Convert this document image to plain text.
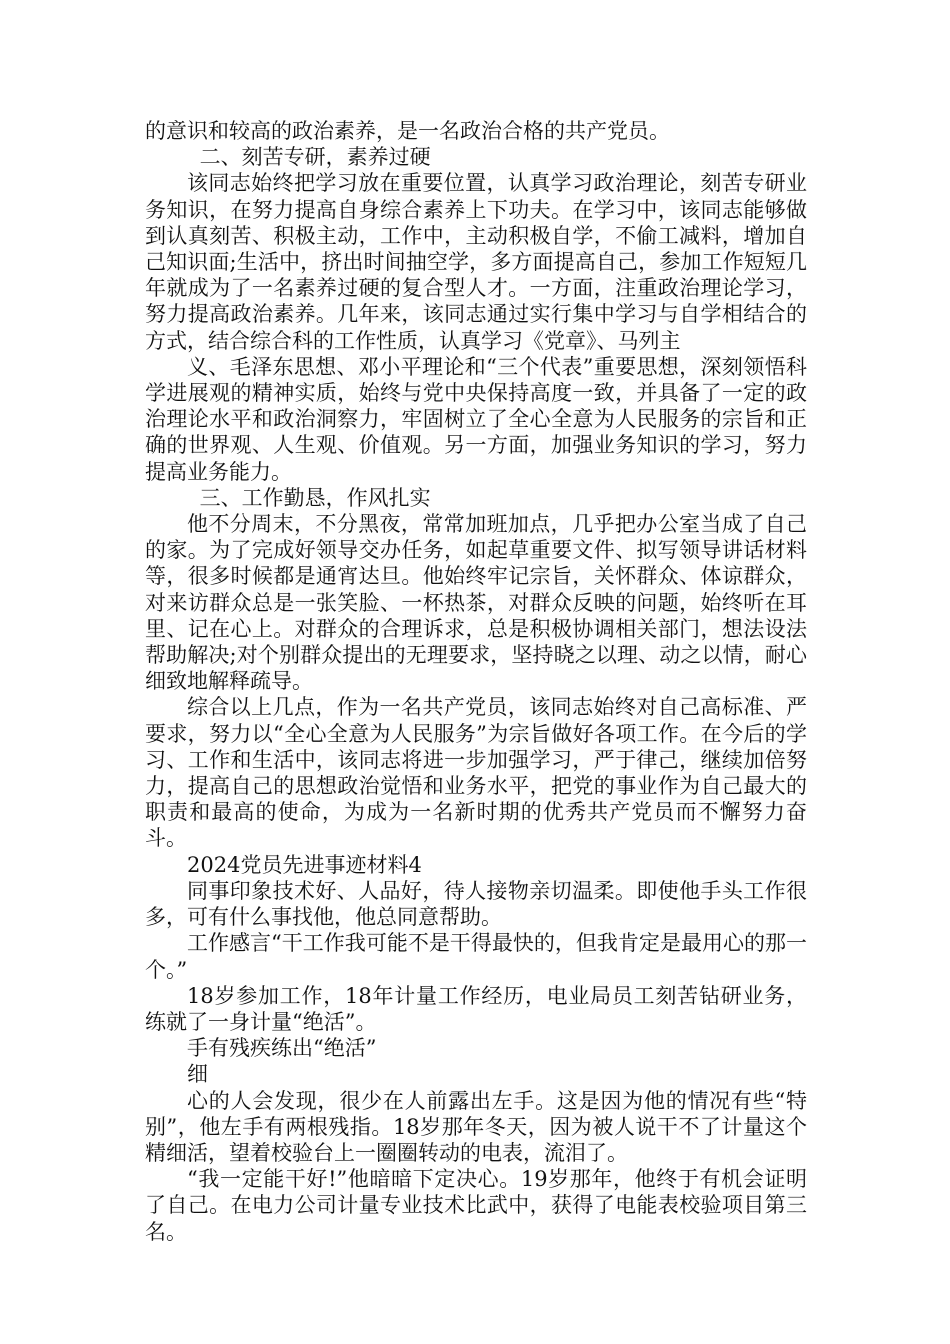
的意识和较高的政治素养，是一名政治合格的共产党员。

二、刻苦专研，素养过硬

该同志始终把学习放在重要位置，认真学习政治理论，刻苦专研业务知识，在努力提高自身综合素养上下功夫。在学习中，该同志能够做到认真刻苦、积极主动，工作中，主动积极自学，不偷工减料，增加自己知识面;生活中，挤出时间抽空学，多方面提高自己，参加工作短短几年就成为了一名素养过硬的复合型人才。一方面，注重政治理论学习，努力提高政治素养。几年来，该同志通过实行集中学习与自学相结合的方式，结合综合科的工作性质，认真学习《党章》、马列主

义、毛泽东思想、邓小平理论和“三个代表”重要思想，深刻领悟科学进展观的精神实质，始终与党中央保持高度一致，并具备了一定的政治理论水平和政治洞察力，牢固树立了全心全意为人民服务的宗旨和正确的世界观、人生观、价值观。另一方面，加强业务知识的学习，努力提高业务能力。

三、工作勤恳，作风扎实

他不分周末，不分黑夜，常常加班加点，几乎把办公室当成了自己的家。为了完成好领导交办任务，如起草重要文件、拟写领导讲话材料等，很多时候都是通宵达旦。他始终牢记宗旨，关怀群众、体谅群众，对来访群众总是一张笑脸、一杯热茶，对群众反映的问题，始终听在耳里、记在心上。对群众的合理诉求，总是积极协调相关部门，想法设法帮助解决;对个别群众提出的无理要求，坚持晓之以理、动之以情，耐心细致地解释疏导。

综合以上几点，作为一名共产党员，该同志始终对自己高标准、严要求，努力以“全心全意为人民服务”为宗旨做好各项工作。在今后的学习、工作和生活中，该同志将进一步加强学习，严于律己，继续加倍努力，提高自己的思想政治觉悟和业务水平，把党的事业作为自己最大的职责和最高的使命，为成为一名新时期的优秀共产党员而不懈努力奋斗。

2024党员先进事迹材料4

同事印象技术好、人品好，待人接物亲切温柔。即使他手头工作很多，可有什么事找他，他总同意帮助。

工作感言“干工作我可能不是干得最快的，但我肯定是最用心的那一个。”

18岁参加工作，18年计量工作经历，电业局员工刻苦钻研业务，练就了一身计量“绝活”。

手有残疾练出“绝活”

细

心的人会发现，很少在人前露出左手。这是因为他的情况有些“特别”，他左手有两根残指。18岁那年冬天，因为被人说干不了计量这个精细活，望着校验台上一圈圈转动的电表，流泪了。

“我一定能干好!”他暗暗下定决心。19岁那年，他终于有机会证明了自己。在电力公司计量专业技术比武中，获得了电能表校验项目第三名。
